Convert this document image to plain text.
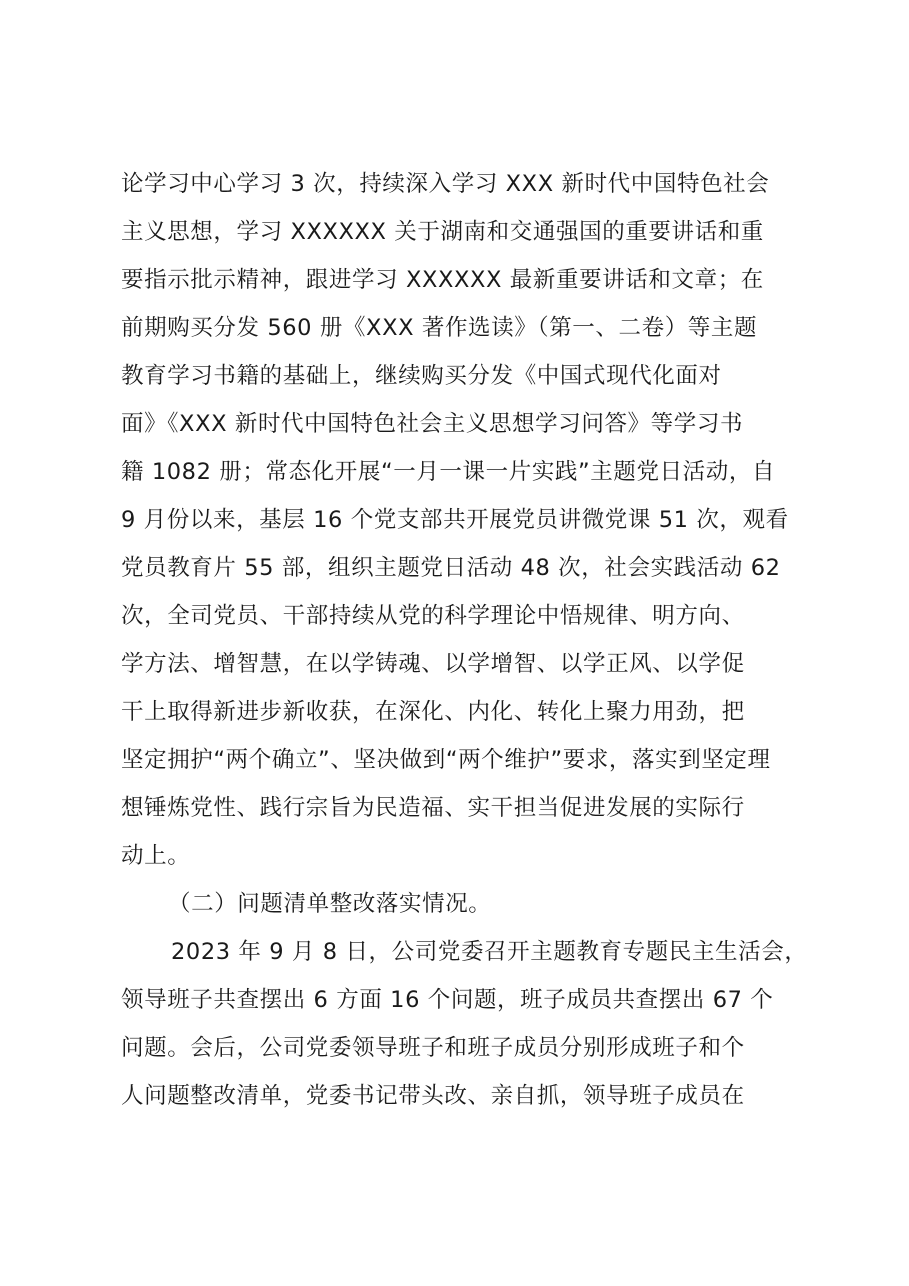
论学习中心学习 3 次，持续深入学习 XXX 新时代中国特色社会
主义思想，学习 XXXXXX 关于湖南和交通强国的重要讲话和重
要指示批示精神，跟进学习 XXXXXX 最新重要讲话和文章；在
前期购买分发 560 册《XXX 著作选读》（第一、二卷）等主题
教育学习书籍的基础上，继续购买分发《中国式现代化面对
面》《XXX 新时代中国特色社会主义思想学习问答》等学习书
籍 1082 册；常态化开展“一月一课一片实践”主题党日活动，自
9 月份以来，基层 16 个党支部共开展党员讲微党课 51 次，观看
党员教育片 55 部，组织主题党日活动 48 次，社会实践活动 62
次，全司党员、干部持续从党的科学理论中悟规律、明方向、
学方法、增智慧，在以学铸魂、以学增智、以学正风、以学促
干上取得新进步新收获，在深化、内化、转化上聚力用劲，把
坚定拥护“两个确立”、坚决做到“两个维护”要求，落实到坚定理
想锤炼党性、践行宗旨为民造福、实干担当促进发展的实际行
动上。
（二）问题清单整改落实情况。
2023 年 9 月 8 日，公司党委召开主题教育专题民主生活会，
领导班子共查摆出 6 方面 16 个问题，班子成员共查摆出 67 个
问题。会后，公司党委领导班子和班子成员分别形成班子和个
人问题整改清单，党委书记带头改、亲自抓，领导班子成员在
